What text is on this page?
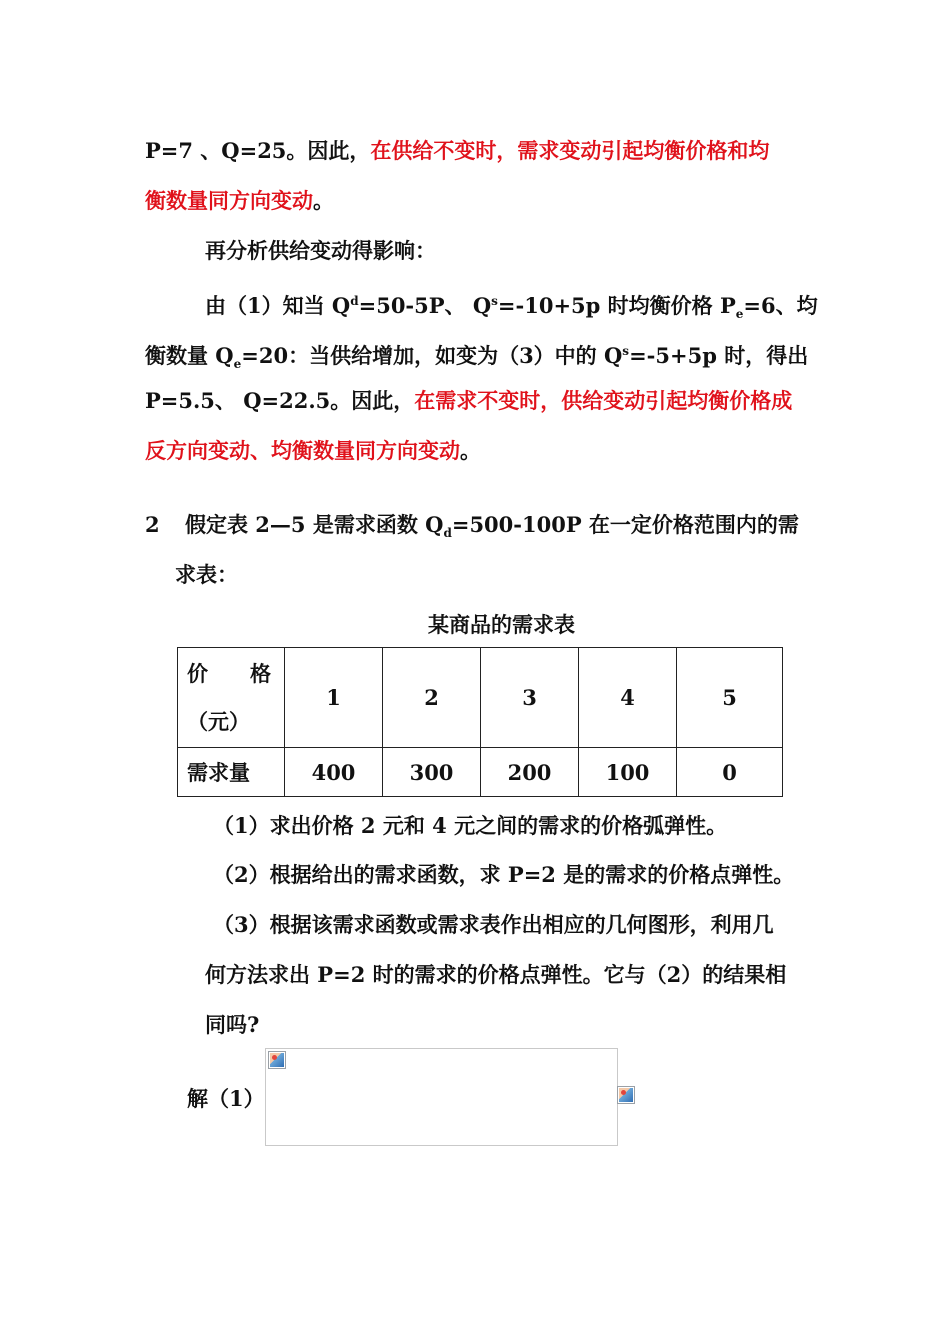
P=7 、Q=25。因此，在供给不变时，需求变动引起均衡价格和均
衡数量同方向变动。
再分析供给变动得影响：
由（1）知当 $Q^d=50-5P$、 $Q^s=-10+5p$ 时均衡价格 $P_e=6$、均
衡数量 $Q_e=20$：当供给增加，如变为（3）中的 $Q^s=-5+5p$ 时，得出
P=5.5、 Q=22.5。因此，在需求不变时，供给变动引起均衡价格成
反方向变动、均衡数量同方向变动。
2 假定表 2—5 是需求函数 $Q_d=500-100P$ 在一定价格范围内的需
求表：
某商品的需求表
价　　格
（元）	1	2	3	4	5
需求量	400	300	200	100	0
（1）求出价格 2 元和 4 元之间的需求的价格弧弹性。
（2）根据给出的需求函数，求 P=2 是的需求的价格点弹性。
（3）根据该需求函数或需求表作出相应的几何图形，利用几
何方法求出 P=2 时的需求的价格点弹性。它与（2）的结果相
同吗?
解（1）
